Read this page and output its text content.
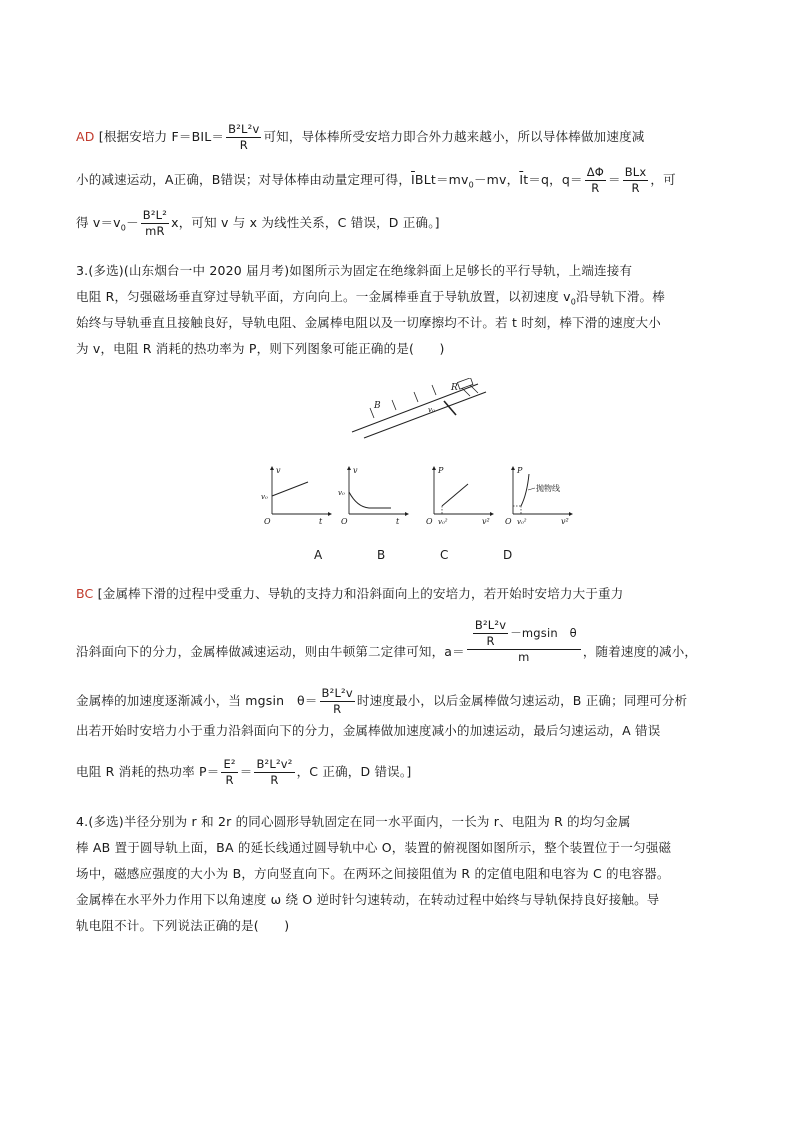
AD [根据安培力 $F=BIL= \frac{\text{B²L²v}}{R}$ 可知，导体棒所受安培力即合外力越来越小，所以导体棒做加速度减
小的减速运动，A正确，B错误；对导体棒由动量定理可得，$\overline{I}BLt=mv_0-mv$，$\overline{I}t=q$，$q= \frac{\Delta\Phi}{R} = \frac{\text{BLx}}{R}$ ，可
得 $v=v_0- \frac{\text{B²L²}}{mR}$ x，可知 v 与 x 为线性关系，C 错误，D 正确。]
3.(多选)(山东烟台一中 2020 届月考)如图所示为固定在绝缘斜面上足够长的平行导轨，上端连接有
电阻 R，匀强磁场垂直穿过导轨平面，方向向上。一金属棒垂直于导轨放置，以初速度 $v_0$沿导轨下滑。棒
始终与导轨垂直且接触良好，导轨电阻、金属棒电阻以及一切摩擦均不计。若 t 时刻，棒下滑的速度大小
为 v，电阻 R 消耗的热功率为 P，则下列图象可能正确的是(　　)
B
R
v₀
v
t
O
v₀
v
t
O
v₀
P
v²
O v₀²
P
v²
O v₀²
抛物线
A	B	C	D
BC [金属棒下滑的过程中受重力、导轨的支持力和沿斜面向上的安培力，若开始时安培力大于重力
沿斜面向下的分力，金属棒做减速运动，则由牛顿第二定律可知，$a= \frac{\frac{\text{B²L²v}}{R} -mgsin \theta}{m}$ ，随着速度的减小，
金属棒的加速度逐渐减小，当 mgsin　$\theta= \frac{\text{B²L²v}}{R}$ 时速度最小，以后金属棒做匀速运动，B 正确；同理可分析
出若开始时安培力小于重力沿斜面向下的分力，金属棒做加速度减小的加速运动，最后匀速运动，A 错误
电阻 R 消耗的热功率 $P= \frac{\text{E²}}{R} = \frac{\text{B²L²v²}}{R}$ ，C 正确，D 错误。]
4.(多选)半径分别为 r 和 2r 的同心圆形导轨固定在同一水平面内，一长为 r、电阻为 R 的均匀金属
棒 AB 置于圆导轨上面，BA 的延长线通过圆导轨中心 O，装置的俯视图如图所示，整个装置位于一匀强磁
场中，磁感应强度的大小为 B，方向竖直向下。在两环之间接阻值为 R 的定值电阻和电容为 C 的电容器。
金属棒在水平外力作用下以角速度 ω 绕 O 逆时针匀速转动，在转动过程中始终与导轨保持良好接触。导
轨电阻不计。下列说法正确的是(　　)
